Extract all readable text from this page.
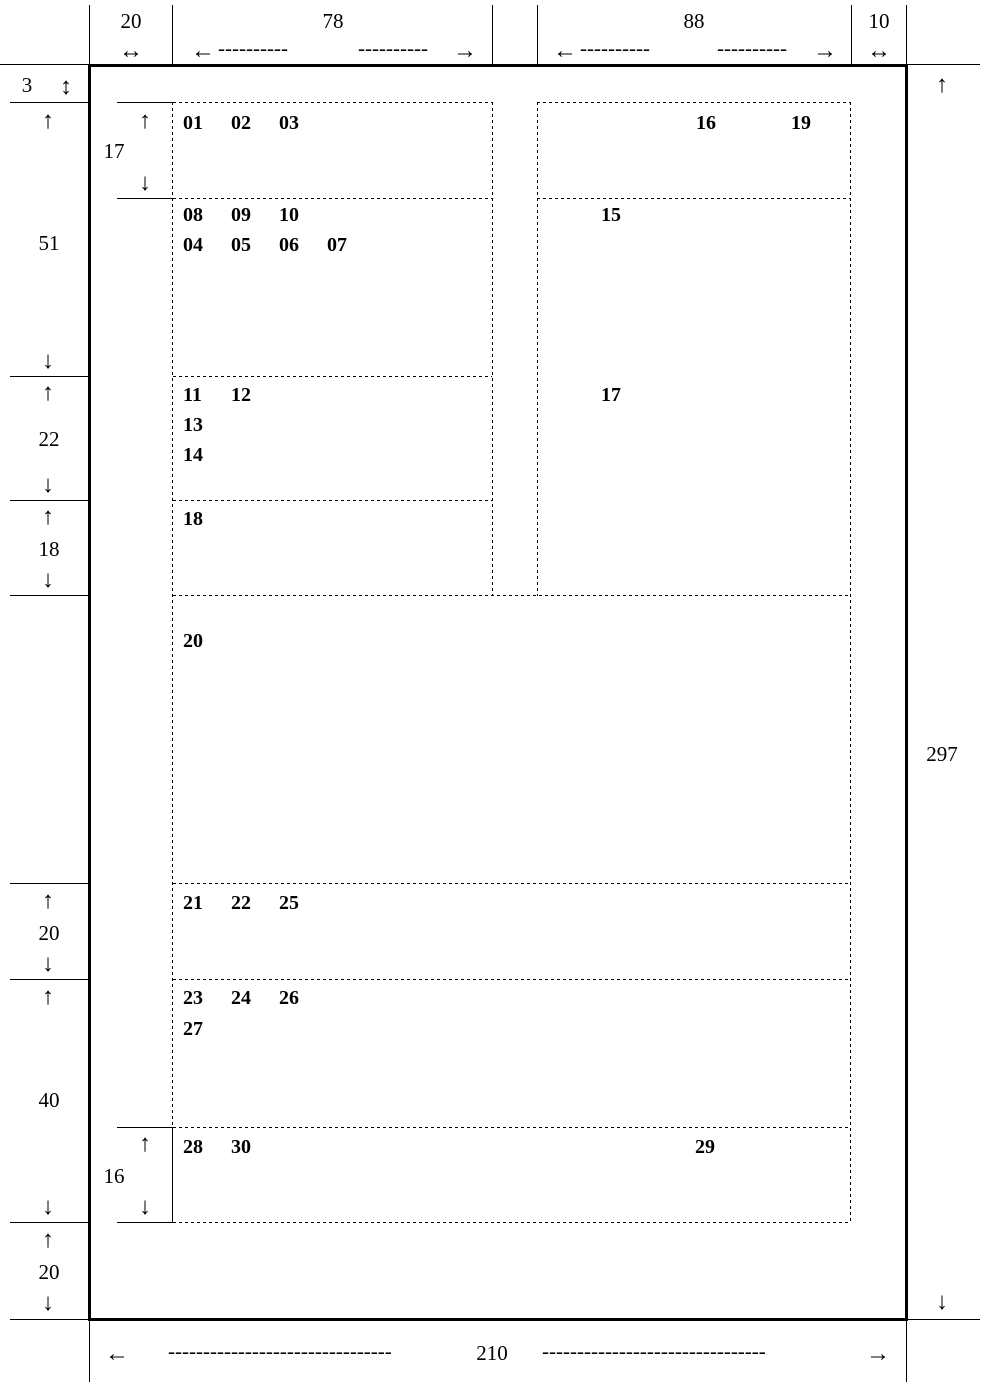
20
↔
78
← ----------	---------- →
88
← ----------	---------- →
10
↔
3 ↕
↑
17
↓
↑
51
↓
↑
22
↓
↑
18
↓
↑
20
↓
↑
40
↓
↑
16
↓
↑
20
↓
↑
297
↓
← --------------------------------	210 --------------------------------	→
01 02 03	16	19
08 09 10	15
04 05 06 07
11 12	17
13
14
18
20
21 22 25
23 24 26
27
28 30	29
